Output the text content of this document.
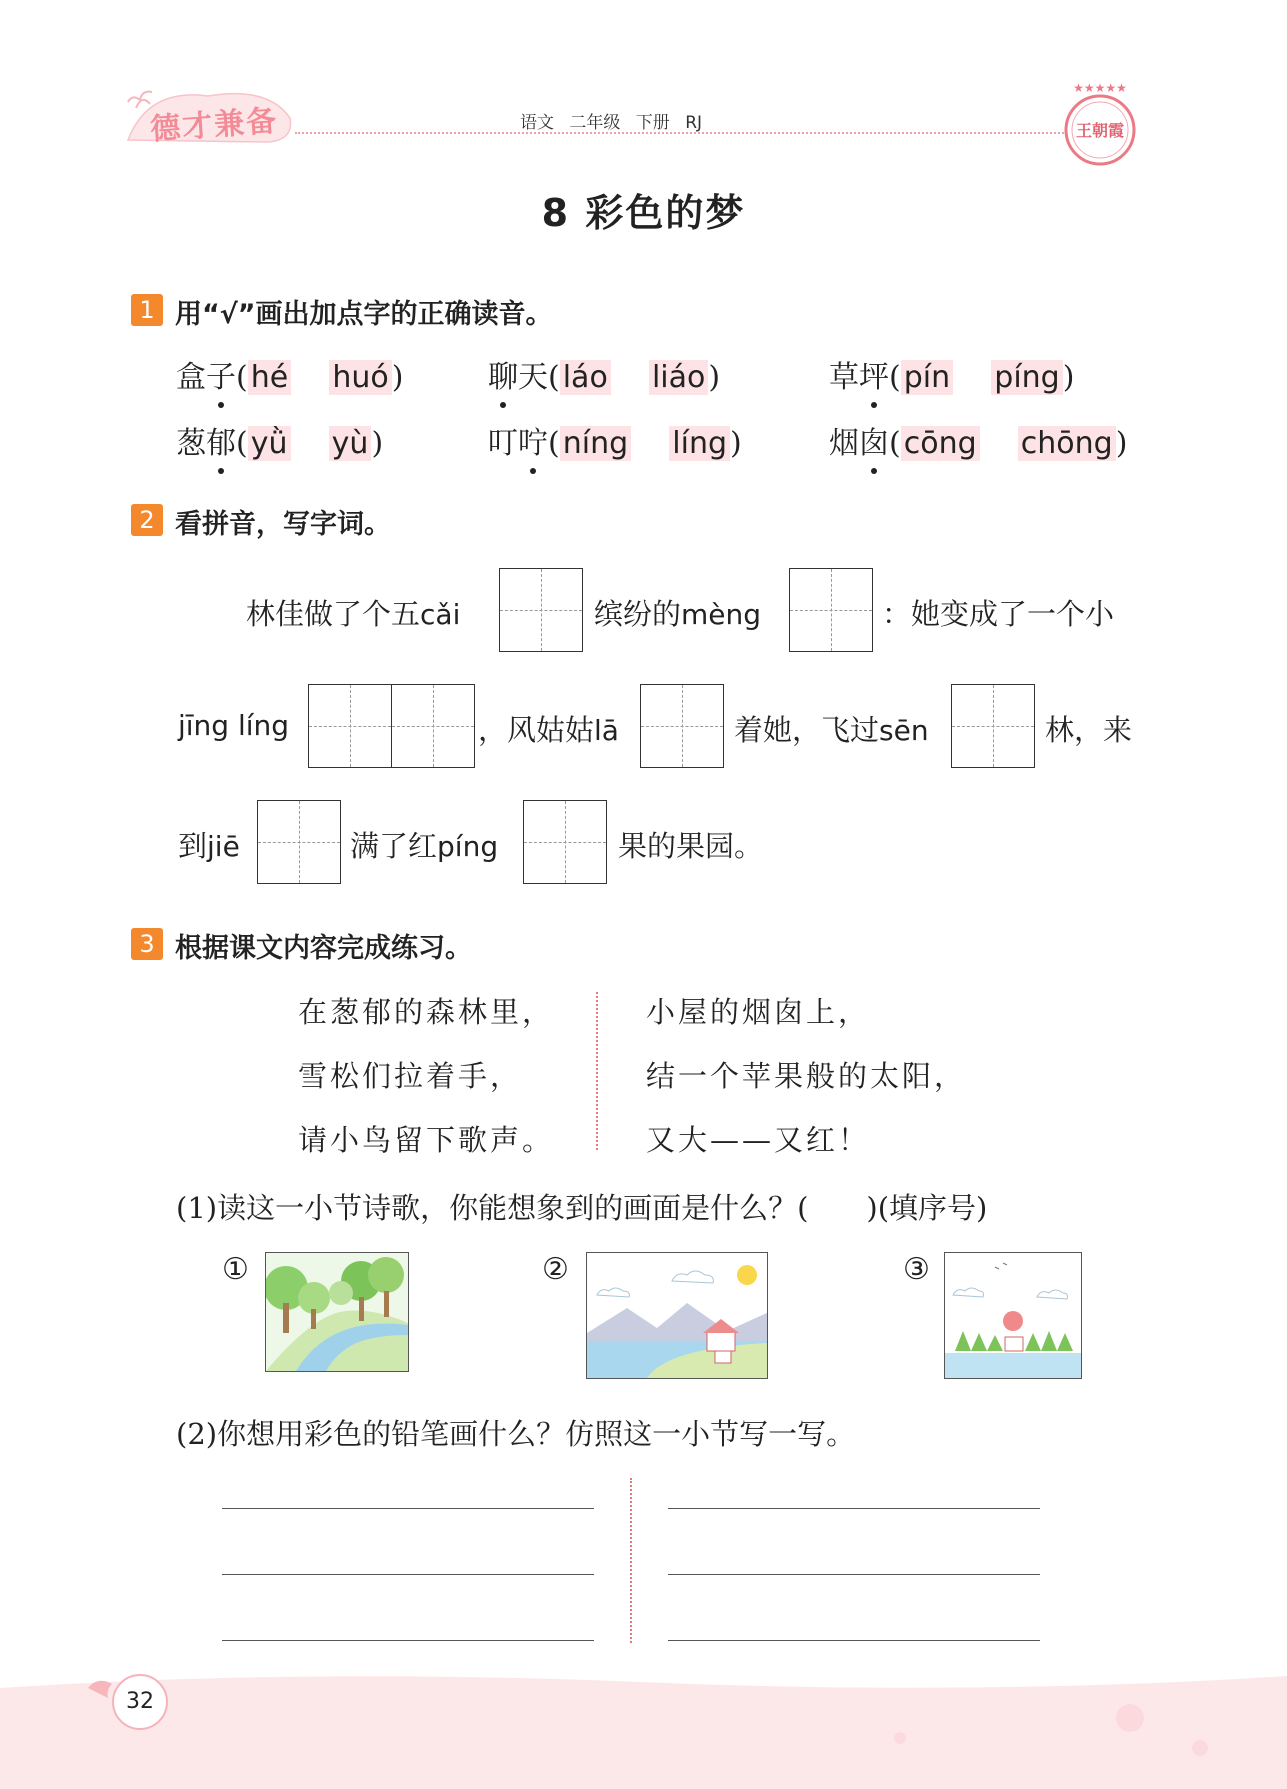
德才兼备	语文 二年级 下册 RJ
★★★★★
王朝霞
8 彩色的梦
1 用“√”画出加点字的正确读音。
盒子( hé huó )	聊天( láo liáo )	草坪( pín píng )
葱郁( yǜ yù )	叮咛( níng líng )	烟囱( cōng chōng )
2 看拼音，写字词。
林佳做了个五cǎi	缤纷的mèng	：她变成了一个小
jīng líng	，风姑姑lā	着她，飞过sēn	林，来
到jiē	满了红píng	果的果园。
3 根据课文内容完成练习。
在葱郁的森林里，
雪松们拉着手，
请小鸟留下歌声。
小屋的烟囱上，
结一个苹果般的太阳，
又大——又红！
(1)读这一小节诗歌，你能想象到的画面是什么？(　　)(填序号)
①	②	③
(2)你想用彩色的铅笔画什么？仿照这一小节写一写。
32
